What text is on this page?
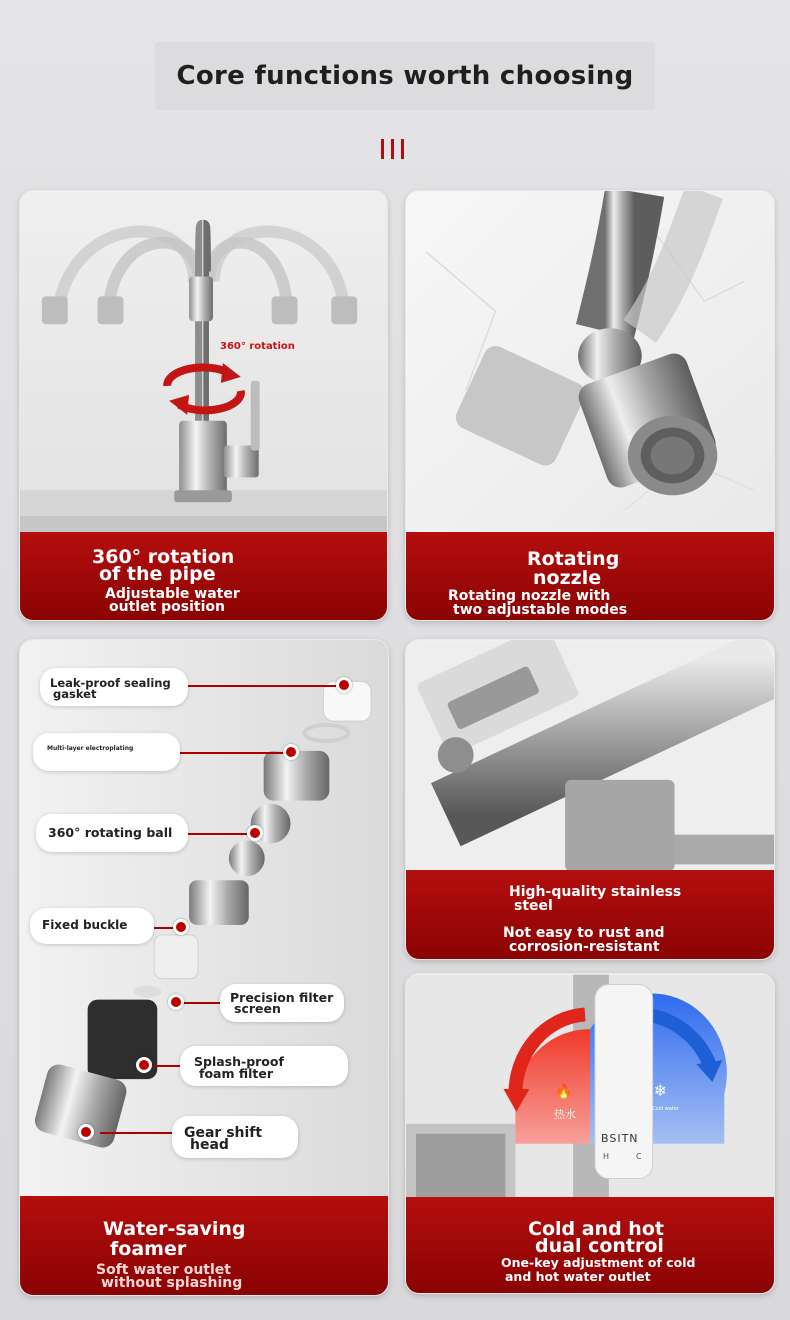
Core functions worth choosing
360° rotation
360° rotation
of the pipe
Adjustable water
outlet position
Rotating
nozzle
Rotating nozzle with
two adjustable modes
Leak-proof sealing
gasket
Multi-layer electroplating
360° rotating ball
Fixed buckle
Precision filter
screen
Splash-proof
foam filter
Gear shift
head
Water-saving
foamer
Soft water outlet
without splashing
High-quality stainless
steel
Not easy to rust and
corrosion-resistant
🔥	❄
热水	Cold water
BSITN
H	C
Cold and hot
dual control
One-key adjustment of cold
and hot water outlet
